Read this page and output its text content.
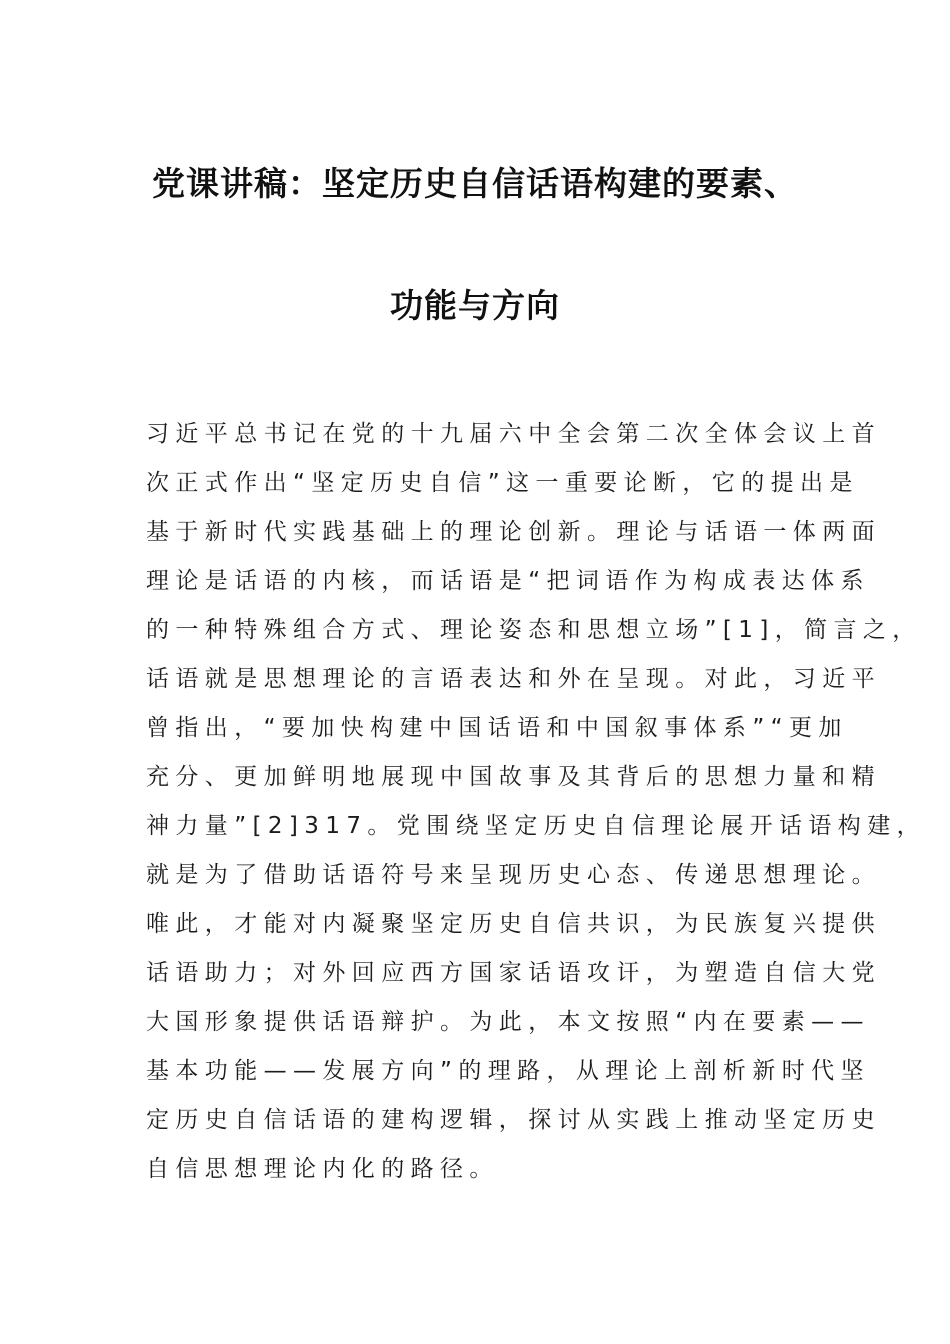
党课讲稿：坚定历史自信话语构建的要素、
功能与方向
习近平总书记在党的十九届六中全会第二次全体会议上首
次正式作出“坚定历史自信”这一重要论断，它的提出是
基于新时代实践基础上的理论创新。理论与话语一体两面
理论是话语的内核，而话语是“把词语作为构成表达体系
的一种特殊组合方式、理论姿态和思想立场”[1]，简言之，
话语就是思想理论的言语表达和外在呈现。对此，习近平
曾指出，“要加快构建中国话语和中国叙事体系”“更加
充分、更加鲜明地展现中国故事及其背后的思想力量和精
神力量”[2]317。党围绕坚定历史自信理论展开话语构建，
就是为了借助话语符号来呈现历史心态、传递思想理论。
唯此，才能对内凝聚坚定历史自信共识，为民族复兴提供
话语助力；对外回应西方国家话语攻讦，为塑造自信大党
大国形象提供话语辩护。为此，本文按照“内在要素——
基本功能——发展方向”的理路，从理论上剖析新时代坚
定历史自信话语的建构逻辑，探讨从实践上推动坚定历史
自信思想理论内化的路径。
